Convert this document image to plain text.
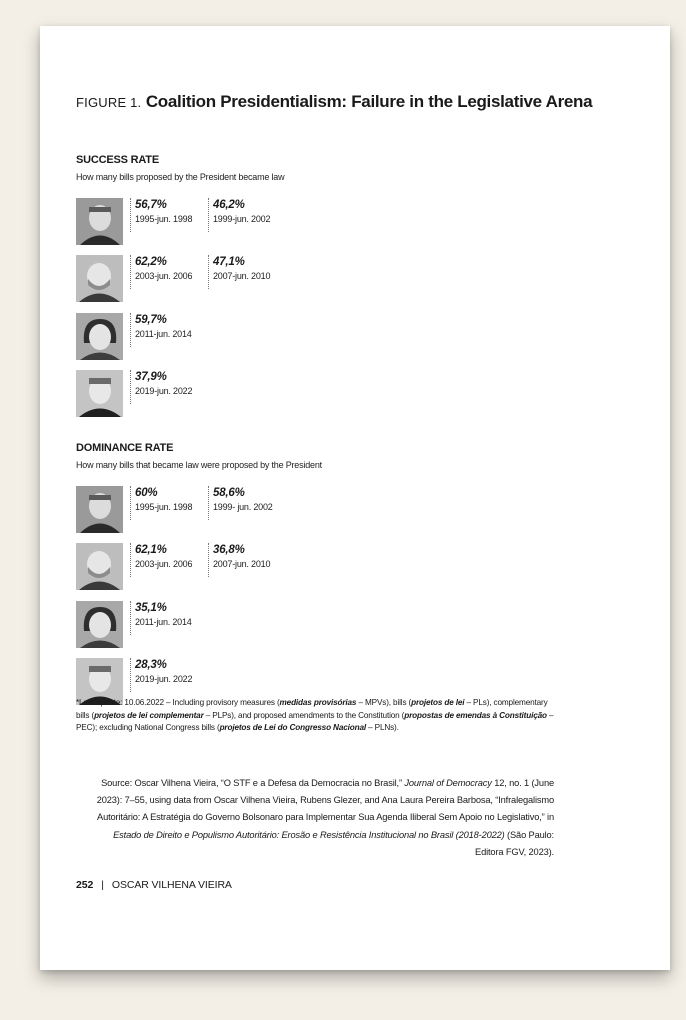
FIGURE 1. Coalition Presidentialism: Failure in the Legislative Arena
SUCCESS RATE
How many bills proposed by the President became law
56,7%
1995-jun. 1998
46,2%
1999-jun. 2002
62,2%
2003-jun. 2006
47,1%
2007-jun. 2010
59,7%
2011-jun. 2014
37,9%
2019-jun. 2022
DOMINANCE RATE
How many bills that became law were proposed by the President
60%
1995-jun. 1998
58,6%
1999- jun. 2002
62,1%
2003-jun. 2006
36,8%
2007-jun. 2010
35,1%
2011-jun. 2014
28,3%
2019-jun. 2022
*Last update: 10.06.2022 – Including provisory measures (medidas provisórias – MPVs), bills (projetos de lei – PLs), complementary bills (projetos de lei complementar – PLPs), and proposed amendments to the Constitution (propostas de emendas à Constituição – PEC); excluding National Congress bills (projetos de Lei do Congresso Nacional – PLNs).
Source: Oscar Vilhena Vieira, “O STF e a Defesa da Democracia no Brasil,” Journal of Democracy 12, no. 1 (June 2023): 7–55, using data from Oscar Vilhena Vieira, Rubens Glezer, and Ana Laura Pereira Barbosa, “Infralegalismo Autoritário: A Estratégia do Governo Bolsonaro para Implementar Sua Agenda Iliberal Sem Apoio no Legislativo,” in Estado de Direito e Populismo Autoritário: Erosão e Resistência Institucional no Brasil (2018-2022) (São Paulo: Editora FGV, 2023).
252 | OSCAR VILHENA VIEIRA
